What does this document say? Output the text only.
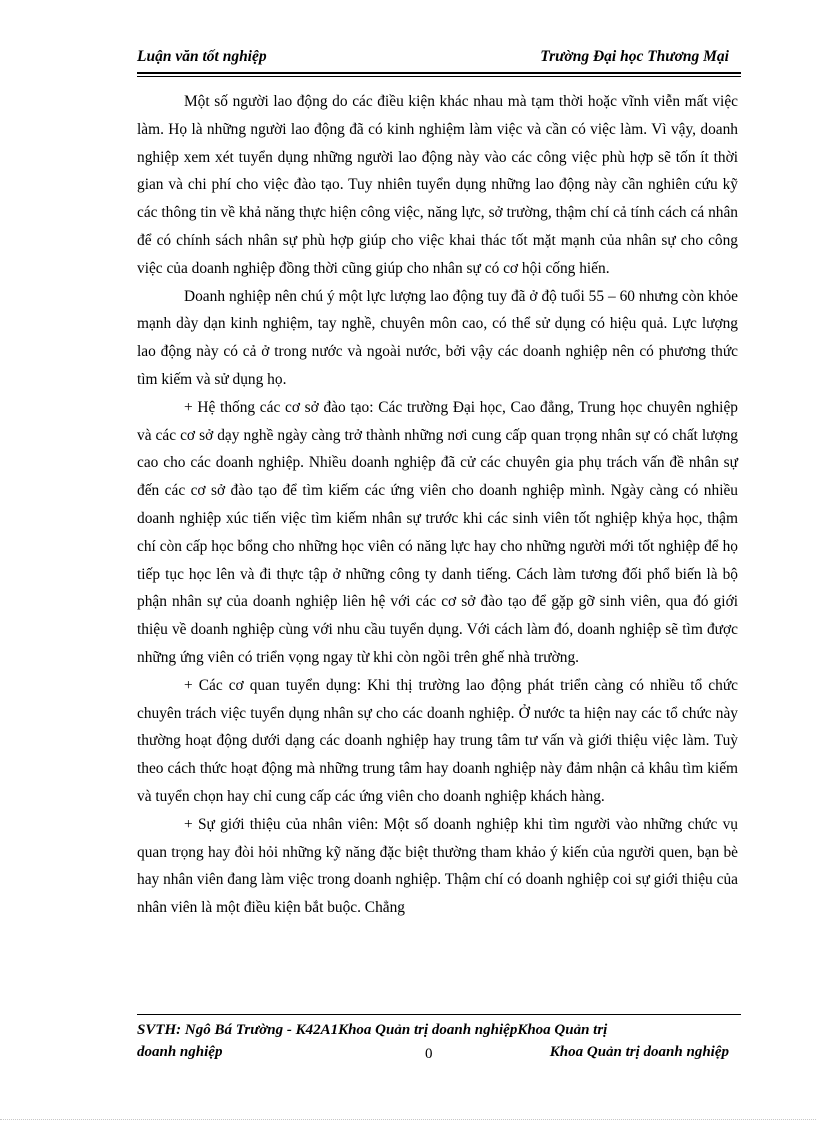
Luận văn tốt nghiệp	Trường Đại học Thương Mại

Một số người lao động do các điều kiện khác nhau mà tạm thời hoặc vĩnh viễn mất việc làm. Họ là những người lao động đã có kinh nghiệm làm việc và cần có việc làm. Vì vậy, doanh nghiệp xem xét tuyển dụng những người lao động này vào các công việc phù hợp sẽ tốn ít thời gian và chi phí cho việc đào tạo. Tuy nhiên tuyển dụng những lao động này cần nghiên cứu kỹ các thông tin về khả năng thực hiện công việc, năng lực, sở trường, thậm chí cả tính cách cá nhân để có chính sách nhân sự phù hợp giúp cho việc khai thác tốt mặt mạnh của nhân sự cho công việc của doanh nghiệp đồng thời cũng giúp cho nhân sự có cơ hội cống hiến.

Doanh nghiệp nên chú ý một lực lượng lao động tuy đã ở độ tuổi 55 – 60 nhưng còn khỏe mạnh dày dạn kinh nghiệm, tay nghề, chuyên môn cao, có thể sử dụng có hiệu quả. Lực lượng lao động này có cả ở trong nước và ngoài nước, bởi vậy các doanh nghiệp nên có phương thức tìm kiếm và sử dụng họ.

+ Hệ thống các cơ sở đào tạo: Các trường Đại học, Cao đẳng, Trung học chuyên nghiệp và các cơ sở dạy nghề ngày càng trở thành những nơi cung cấp quan trọng nhân sự có chất lượng cao cho các doanh nghiệp. Nhiều doanh nghiệp đã cử các chuyên gia phụ trách vấn đề nhân sự đến các cơ sở đào tạo để tìm kiếm các ứng viên cho doanh nghiệp mình. Ngày càng có nhiều doanh nghiệp xúc tiến việc tìm kiếm nhân sự trước khi các sinh viên tốt nghiệp khỷa học, thậm chí còn cấp học bổng cho những học viên có năng lực hay cho những người mới tốt nghiệp để họ tiếp tục học lên và đi thực tập ở những công ty danh tiếng. Cách làm tương đối phổ biến là bộ phận nhân sự của doanh nghiệp liên hệ với các cơ sở đào tạo để gặp gỡ sinh viên, qua đó giới thiệu về doanh nghiệp cùng với nhu cầu tuyển dụng. Với cách làm đó, doanh nghiệp sẽ tìm được những ứng viên có triển vọng ngay từ khi còn ngồi trên ghế nhà trường.

+ Các cơ quan tuyển dụng: Khi thị trường lao động phát triển càng có nhiều tổ chức chuyên trách việc tuyển dụng nhân sự cho các doanh nghiệp. Ở nước ta hiện nay các tổ chức này thường hoạt động dưới dạng các doanh nghiệp hay trung tâm tư vấn và giới thiệu việc làm. Tuỳ theo cách thức hoạt động mà những trung tâm hay doanh nghiệp này đảm nhận cả khâu tìm kiếm và tuyển chọn hay chỉ cung cấp các ứng viên cho doanh nghiệp khách hàng.

+ Sự giới thiệu của nhân viên: Một số doanh nghiệp khi tìm người vào những chức vụ quan trọng hay đòi hỏi những kỹ năng đặc biệt thường tham khảo ý kiến của người quen, bạn bè hay nhân viên đang làm việc trong doanh nghiệp. Thậm chí có doanh nghiệp coi sự giới thiệu của nhân viên là một điều kiện bắt buộc. Chẳng

SVTH: Ngô Bá Trường - K42A1Khoa Quản trị doanh nghiệpKhoa Quản trị
doanh nghiệp	Khoa Quản trị doanh nghiệp
0
